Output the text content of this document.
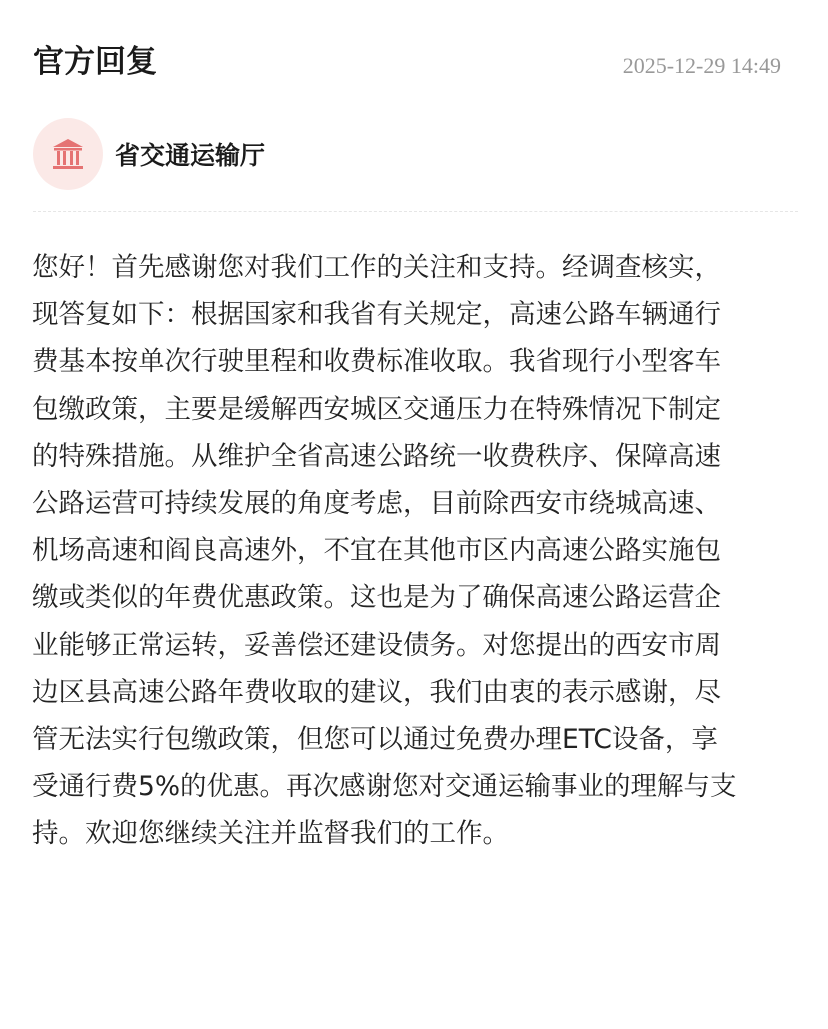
官方回复	2025-12-29 14:49
省交通运输厅
您好！首先感谢您对我们工作的关注和支持。经调查核实，
现答复如下：根据国家和我省有关规定，高速公路车辆通行
费基本按单次行驶里程和收费标准收取。我省现行小型客车
包缴政策，主要是缓解西安城区交通压力在特殊情况下制定
的特殊措施。从维护全省高速公路统一收费秩序、保障高速
公路运营可持续发展的角度考虑，目前除西安市绕城高速、
机场高速和阎良高速外，不宜在其他市区内高速公路实施包
缴或类似的年费优惠政策。这也是为了确保高速公路运营企
业能够正常运转，妥善偿还建设债务。对您提出的西安市周
边区县高速公路年费收取的建议，我们由衷的表示感谢，尽
管无法实行包缴政策，但您可以通过免费办理ETC设备，享
受通行费5%的优惠。再次感谢您对交通运输事业的理解与支
持。欢迎您继续关注并监督我们的工作。
